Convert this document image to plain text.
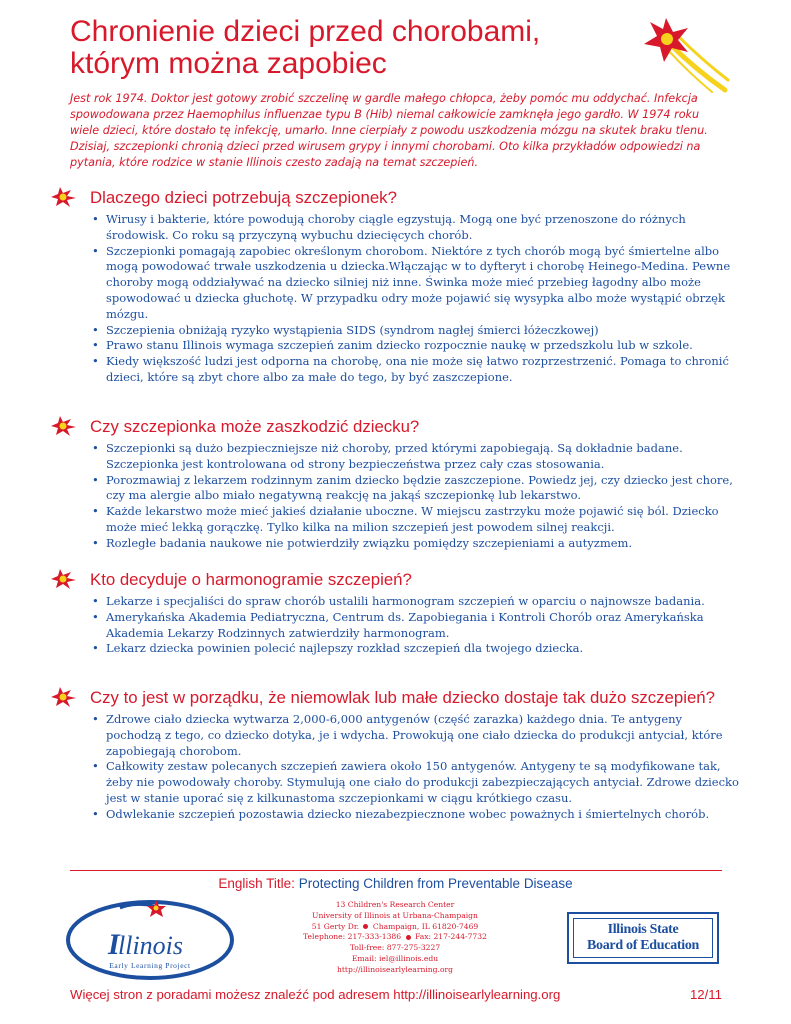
Chronienie dzieci przed chorobami,
którym można zapobiec

Jest rok 1974. Doktor jest gotowy zrobić szczelinę w gardle małego chłopca, żeby pomóc mu oddychać. Infekcja spowodowana przez Haemophilus influenzae typu B (Hib) niemal całkowicie zamknęła jego gardło. W 1974 roku wiele dzieci, które dostało tę infekcję, umarło. Inne cierpiały z powodu uszkodzenia mózgu na skutek braku tlenu. Dzisiaj, szczepionki chronią dzieci przed wirusem grypy i innymi chorobami. Oto kilka przykładów odpowiedzi na pytania, które rodzice w stanie Illinois czesto zadają na temat szczepień.

Dlaczego dzieci potrzebują szczepionek?
• Wirusy i bakterie, które powodują choroby ciągle egzystują. Mogą one być przenoszone do różnych środowisk. Co roku są przyczyną wybuchu dziecięcych chorób.
• Szczepionki pomagają zapobiec określonym chorobom. Niektóre z tych chorób mogą być śmiertelne albo mogą powodować trwałe uszkodzenia u dziecka.Włączając w to dyfteryt i chorobę Heinego-Medina. Pewne choroby mogą oddziaływać na dziecko silniej niż inne. Świnka może mieć przebieg łagodny albo może spowodować u dziecka głuchotę. W przypadku odry może pojawić się wysypka albo może wystąpić obrzęk mózgu.
• Szczepienia obniżają ryzyko wystąpienia SIDS (syndrom nagłej śmierci łóżeczkowej)
• Prawo stanu Illinois wymaga szczepień zanim dziecko rozpocznie naukę w przedszkolu lub w szkole.
• Kiedy większość ludzi jest odporna na chorobę, ona nie może się łatwo rozprzestrzenić. Pomaga to chronić dzieci, które są zbyt chore albo za małe do tego, by być zaszczepione.
Czy szczepionka może zaszkodzić dziecku?
• Szczepionki są dużo bezpieczniejsze niż choroby, przed którymi zapobiegają. Są dokładnie badane. Szczepionka jest kontrolowana od strony bezpieczeństwa przez cały czas stosowania.
• Porozmawiaj z lekarzem rodzinnym zanim dziecko będzie zaszczepione. Powiedz jej, czy dziecko jest chore, czy ma alergie albo miało negatywną reakcję na jakąś szczepionkę lub lekarstwo.
• Każde lekarstwo może mieć jakieś działanie uboczne. W miejscu zastrzyku może pojawić się ból. Dziecko może mieć lekką gorączkę. Tylko kilka na milion szczepień jest powodem silnej reakcji.
• Rozległe badania naukowe nie potwierdziły związku pomiędzy szczepieniami a autyzmem.
Kto decyduje o harmonogramie szczepień?
• Lekarze i specjaliści do spraw chorób ustalili harmonogram szczepień w oparciu o najnowsze badania.
• Amerykańska Akademia Pediatryczna, Centrum ds. Zapobiegania i Kontroli Chorób oraz Amerykańska Akademia Lekarzy Rodzinnych zatwierdziły harmonogram.
• Lekarz dziecka powinien polecić najlepszy rozkład szczepień dla twojego dziecka.
Czy to jest w porządku, że niemowlak lub małe dziecko dostaje tak dużo szczepień?
• Zdrowe ciało dziecka wytwarza 2,000-6,000 antygenów (część zarazka) każdego dnia. Te antygeny pochodzą z tego, co dziecko dotyka, je i wdycha. Prowokują one ciało dziecka do produkcji antyciał, które zapobiegają chorobom.
• Całkowity zestaw polecanych szczepień zawiera około 150 antygenów. Antygeny te są modyfikowane tak, żeby nie powodowały choroby. Stymulują one ciało do produkcji zabezpieczających antyciał. Zdrowe dziecko jest w stanie uporać się z kilkunastoma szczepionkami w ciągu krótkiego czasu.
• Odwlekanie szczepień pozostawia dziecko niezabezpiecznone wobec poważnych i śmiertelnych chorób.
English Title: Protecting Children from Preventable Disease
I
llinois
Early Learning Project
13 Children's Research Center
University of Illinois at Urbana-Champaign
51 Gerty Dr. Champaign, IL 61820-7469
Telephone: 217-333-1386 Fax: 217-244-7732
Toll-free: 877-275-3227
Email: iel@illinois.edu
http://illinoisearlylearning.org
Illinois State
Board of Education
Więcej stron z poradami możesz znaleźć pod adresem http://illinoisearlylearning.org	12/11
